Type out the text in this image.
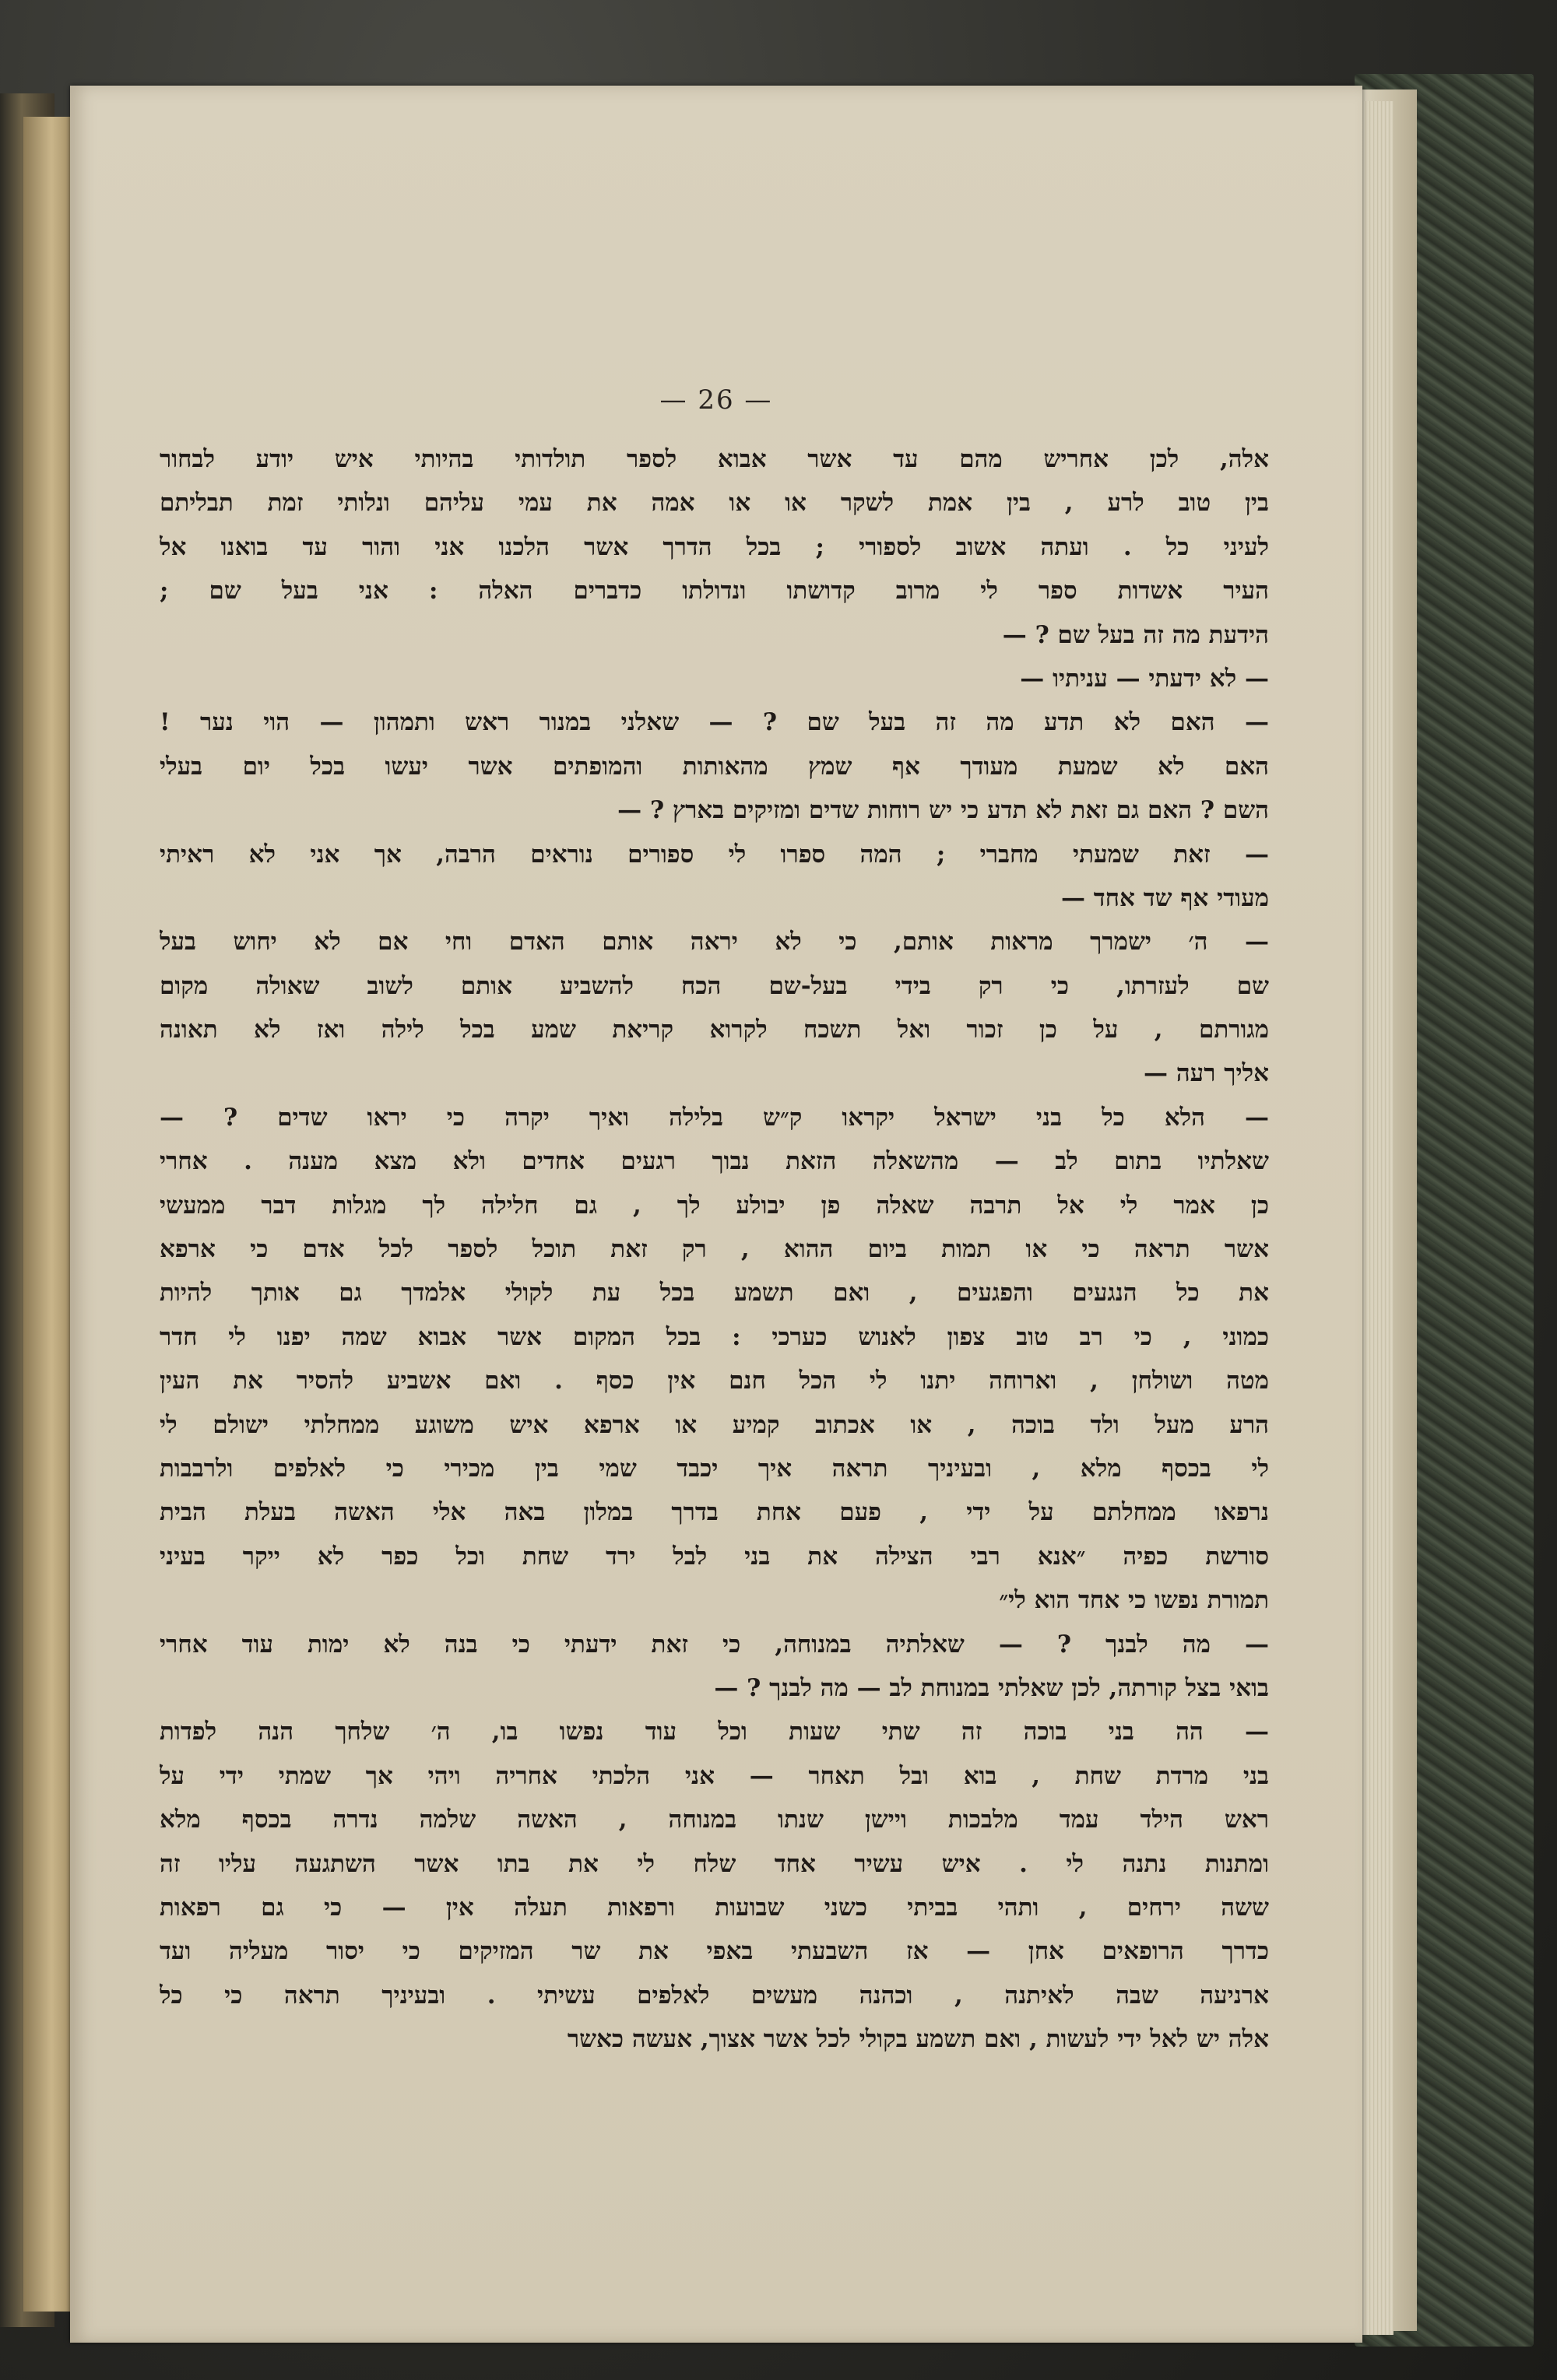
— 26 —
אלה, לכן אחריש מהם עד אשר אבוא לספר תולדותי בהיותי איש יודע לבחור
בין טוב לרע , בין אמת לשקר או או אמה את עמי עליהם ונלותי זמת תבליתם
לעיני כל . ועתה אשוב לספורי ; בכל הדרך אשר הלכנו אני והור עד בואנו אל
העיר אשדות ספר לי מרוב קדושתו ונדולתו כדברים האלה : אני בעל שם ;
הידעת מה זה בעל שם ? —
— לא ידעתי — עניתיו —
— האם לא תדע מה זה בעל שם ? — שאלני במנור ראש ותמהון — הוי נער !
האם לא שמעת מעודך אף שמץ מהאותות והמופתים אשר יעשו בכל יום בעלי
השם ? האם גם זאת לא תדע כי יש רוחות שדים ומזיקים בארץ ? —
— זאת שמעתי מחברי ; המה ספרו לי ספורים נוראים הרבה, אך אני לא ראיתי
מעודי אף שד אחד —
— ה׳ ישמרך מראות אותם, כי לא יראה אותם האדם וחי אם לא יחוש בעל
שם לעזרתו, כי רק בידי בעל-שם הכח להשביע אותם לשוב שאולה מקום
מגורתם , על כן זכור ואל תשכח לקרוא קריאת שמע בכל לילה ואז לא תאונה
אליך רעה —
— הלא כל בני ישראל יקראו ק״ש בלילה ואיך יקרה כי יראו שדים ? —
שאלתיו בתום לב — מהשאלה הזאת נבוך רגעים אחדים ולא מצא מענה . אחרי
כן אמר לי אל תרבה שאלה פן יבולע לך , גם חלילה לך מגלות דבר ממעשי
אשר תראה כי או תמות ביום ההוא , רק זאת תוכל לספר לכל אדם כי ארפא
את כל הנגעים והפגעים , ואם תשמע בכל עת לקולי אלמדך גם אותך להיות
כמוני , כי רב טוב צפון לאנוש כערכי : בכל המקום אשר אבוא שמה יפנו לי חדר
מטה ושולחן , וארוחה יתנו לי הכל חנם אין כסף . ואם אשביע להסיר את העין
הרע מעל ולד בוכה , או אכתוב קמיע או ארפא איש משוגע ממחלתי ישולם לי
לי בכסף מלא , ובעיניך תראה איך יכבד שמי בין מכירי כי לאלפים ולרבבות
נרפאו ממחלתם על ידי , פעם אחת בדרך במלון באה אלי האשה בעלת הבית
סורשת כפיה ״אנא רבי הצילה את בני לבל ירד שחת וכל כפר לא ייקר בעיני
תמורת נפשו כי אחד הוא לי״
— מה לבנך ? — שאלתיה במנוחה, כי זאת ידעתי כי בנה לא ימות עוד אחרי
בואי בצל קורתה, לכן שאלתי במנוחת לב — מה לבנך ? —
— הה בני בוכה זה שתי שעות וכל עוד נפשו בו, ה׳ שלחך הנה לפדות
בני מרדת שחת , בוא ובל תאחר — אני הלכתי אחריה ויהי אך שמתי ידי על
ראש הילד עמד מלבכות ויישן שנתו במנוחה , האשה שלמה נדרה בכסף מלא
ומתנות נתנה לי . איש עשיר אחד שלח לי את בתו אשר השתגעה עליו זה
ששה ירחים , ותהי בביתי כשני שבועות ורפאות תעלה אין — כי גם רפאות
כדרך הרופאים אחן — אז השבעתי באפי את שר המזיקים כי יסור מעליה ועד
ארניעה שבה לאיתנה , וכהנה מעשים לאלפים עשיתי . ובעיניך תראה כי כל
אלה יש לאל ידי לעשות , ואם תשמע בקולי לכל אשר אצוך, אעשה כאשר
